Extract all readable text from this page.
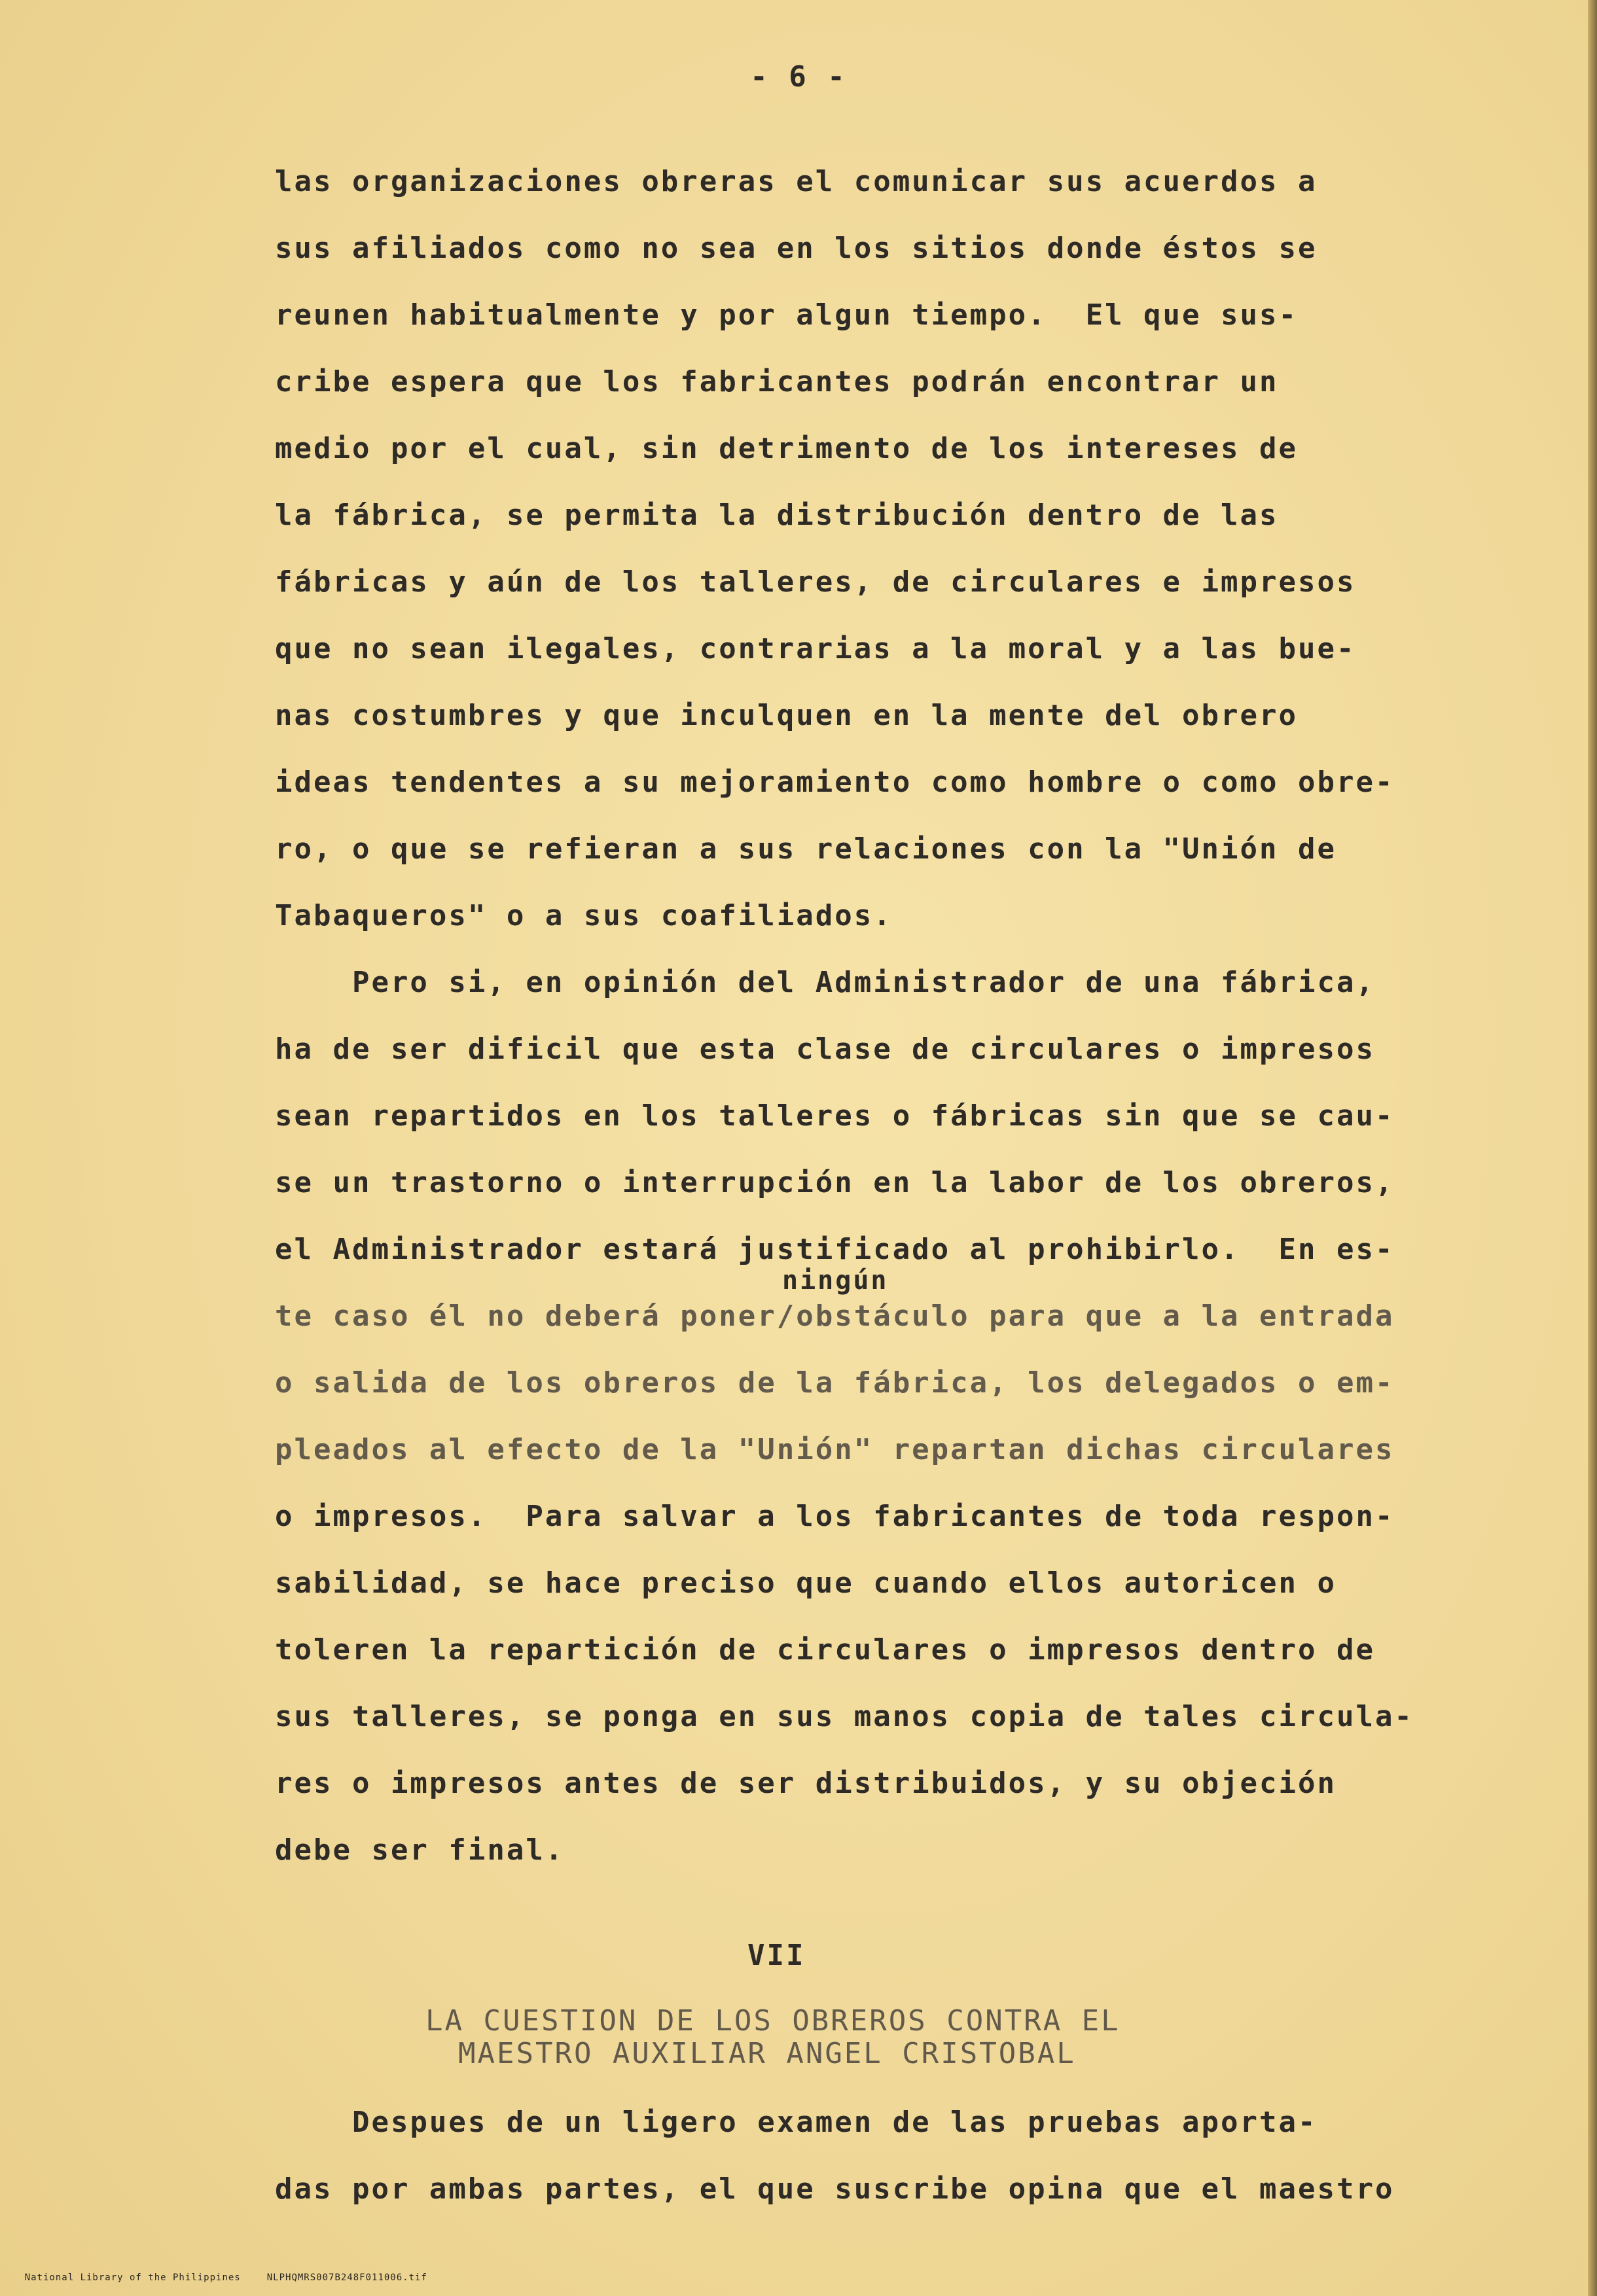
- 6 -
las organizaciones obreras el comunicar sus acuerdos a
sus afiliados como no sea en los sitios donde éstos se
reunen habitualmente y por algun tiempo.  El que sus-
cribe espera que los fabricantes podrán encontrar un
medio por el cual, sin detrimento de los intereses de
la fábrica, se permita la distribución dentro de las
fábricas y aún de los talleres, de circulares e impresos
que no sean ilegales, contrarias a la moral y a las bue-
nas costumbres y que inculquen en la mente del obrero
ideas tendentes a su mejoramiento como hombre o como obre-
ro, o que se refieran a sus relaciones con la "Unión de
Tabaqueros" o a sus coafiliados.
Pero si, en opinión del Administrador de una fábrica,
ha de ser dificil que esta clase de circulares o impresos
sean repartidos en los talleres o fábricas sin que se cau-
se un trastorno o interrupción en la labor de los obreros,
el Administrador estará justificado al prohibirlo.  En es-
ningún
te caso él no deberá poner/obstáculo para que a la entrada
o salida de los obreros de la fábrica, los delegados o em-
pleados al efecto de la "Unión" repartan dichas circulares
o impresos.  Para salvar a los fabricantes de toda respon-
sabilidad, se hace preciso que cuando ellos autoricen o
toleren la repartición de circulares o impresos dentro de
sus talleres, se ponga en sus manos copia de tales circula-
res o impresos antes de ser distribuidos, y su objeción
debe ser final.
VII
LA CUESTION DE LOS OBREROS CONTRA EL
MAESTRO AUXILIAR ANGEL CRISTOBAL
Despues de un ligero examen de las pruebas aporta-
das por ambas partes, el que suscribe opina que el maestro

National Library of the Philippines	NLPHQMRS007B248F011006.tif
